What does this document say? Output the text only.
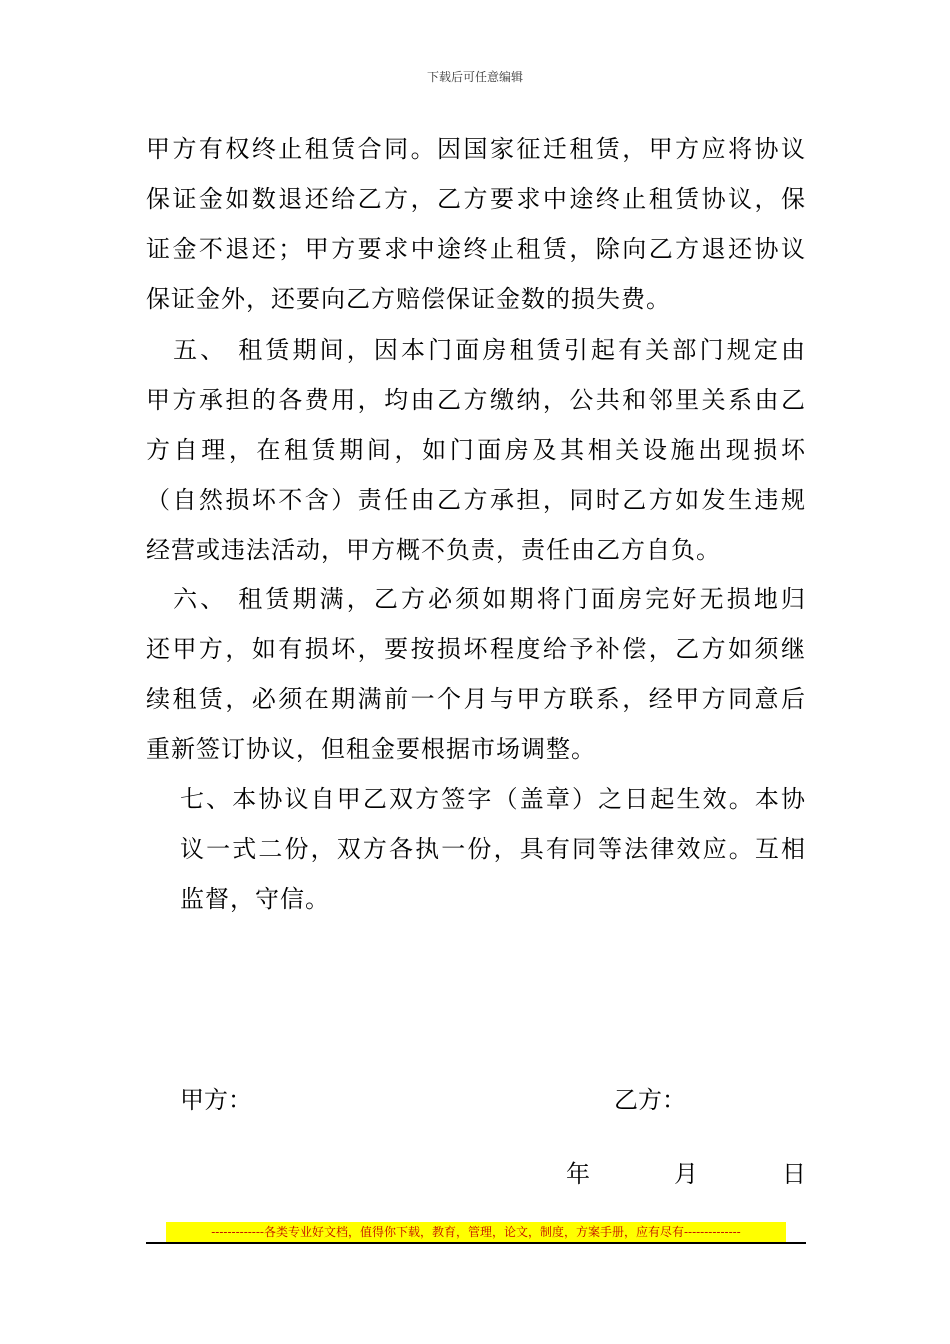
下载后可任意编辑
甲方有权终止租赁合同。因国家征迁租赁，甲方应将协议
保证金如数退还给乙方，乙方要求中途终止租赁协议，保
证金不退还；甲方要求中途终止租赁，除向乙方退还协议
保证金外，还要向乙方赔偿保证金数的损失费。
　五、 租赁期间，因本门面房租赁引起有关部门规定由
甲方承担的各费用，均由乙方缴纳，公共和邻里关系由乙
方自理，在租赁期间，如门面房及其相关设施出现损坏
（自然损坏不含）责任由乙方承担，同时乙方如发生违规
经营或违法活动，甲方概不负责，责任由乙方自负。
　六、 租赁期满，乙方必须如期将门面房完好无损地归
还甲方，如有损坏，要按损坏程度给予补偿，乙方如须继
续租赁，必须在期满前一个月与甲方联系，经甲方同意后
重新签订协议，但租金要根据市场调整。
七、本协议自甲乙双方签字（盖章）之日起生效。本协
议一式二份，双方各执一份，具有同等法律效应。互相
监督，守信。
甲方：	乙方：
年	月	日
-------------各类专业好文档，值得你下载，教育，管理，论文，制度，方案手册，应有尽有--------------
